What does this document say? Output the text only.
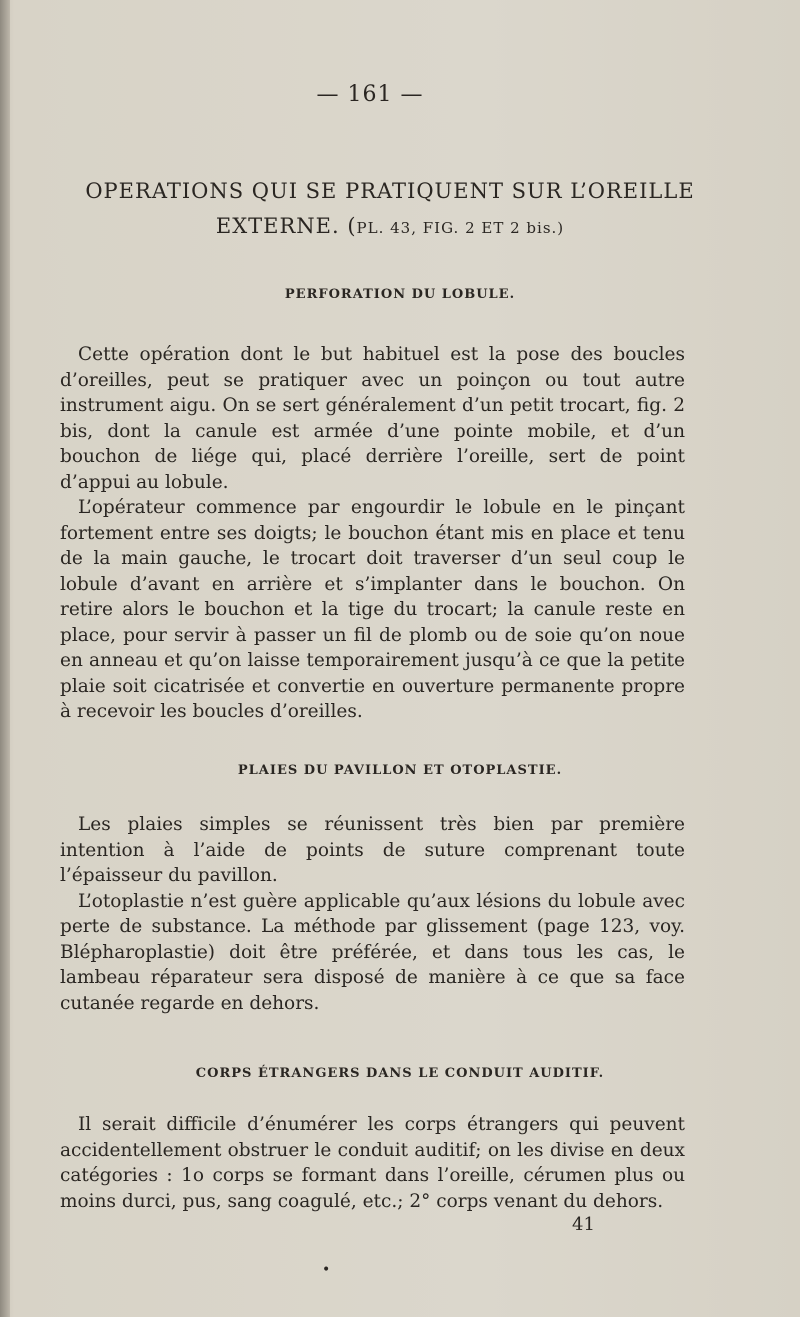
— 161 —
OPERATIONS QUI SE PRATIQUENT SUR L’OREILLE
EXTERNE. (PL. 43, FIG. 2 ET 2 bis.)
PERFORATION DU LOBULE.

Cette opération dont le but habituel est la pose des boucles d’oreilles, peut se pratiquer avec un poinçon ou tout autre instrument aigu. On se sert généralement d’un petit trocart, fig. 2 bis, dont la canule est armée d’une pointe mobile, et d’un bouchon de liége qui, placé derrière l’oreille, sert de point d’appui au lobule.

L’opérateur commence par engourdir le lobule en le pinçant fortement entre ses doigts; le bouchon étant mis en place et tenu de la main gauche, le trocart doit traverser d’un seul coup le lobule d’avant en arrière et s’implanter dans le bouchon. On retire alors le bouchon et la tige du trocart; la canule reste en place, pour servir à passer un fil de plomb ou de soie qu’on noue en anneau et qu’on laisse temporairement jusqu’à ce que la petite plaie soit cicatrisée et convertie en ouverture permanente propre à recevoir les boucles d’oreilles.

PLAIES DU PAVILLON ET OTOPLASTIE.

Les plaies simples se réunissent très bien par première intention à l’aide de points de suture comprenant toute l’épaisseur du pavillon.

L’otoplastie n’est guère applicable qu’aux lésions du lobule avec perte de substance. La méthode par glissement (page 123, voy. Blépharoplastie) doit être préférée, et dans tous les cas, le lambeau réparateur sera disposé de manière à ce que sa face cutanée regarde en dehors.

CORPS ÉTRANGERS DANS LE CONDUIT AUDITIF.

Il serait difficile d’énumérer les corps étrangers qui peuvent accidentellement obstruer le conduit auditif; on les divise en deux catégories : 1o corps se formant dans l’oreille, cérumen plus ou moins durci, pus, sang coagulé, etc.; 2° corps venant du dehors.

41
•
